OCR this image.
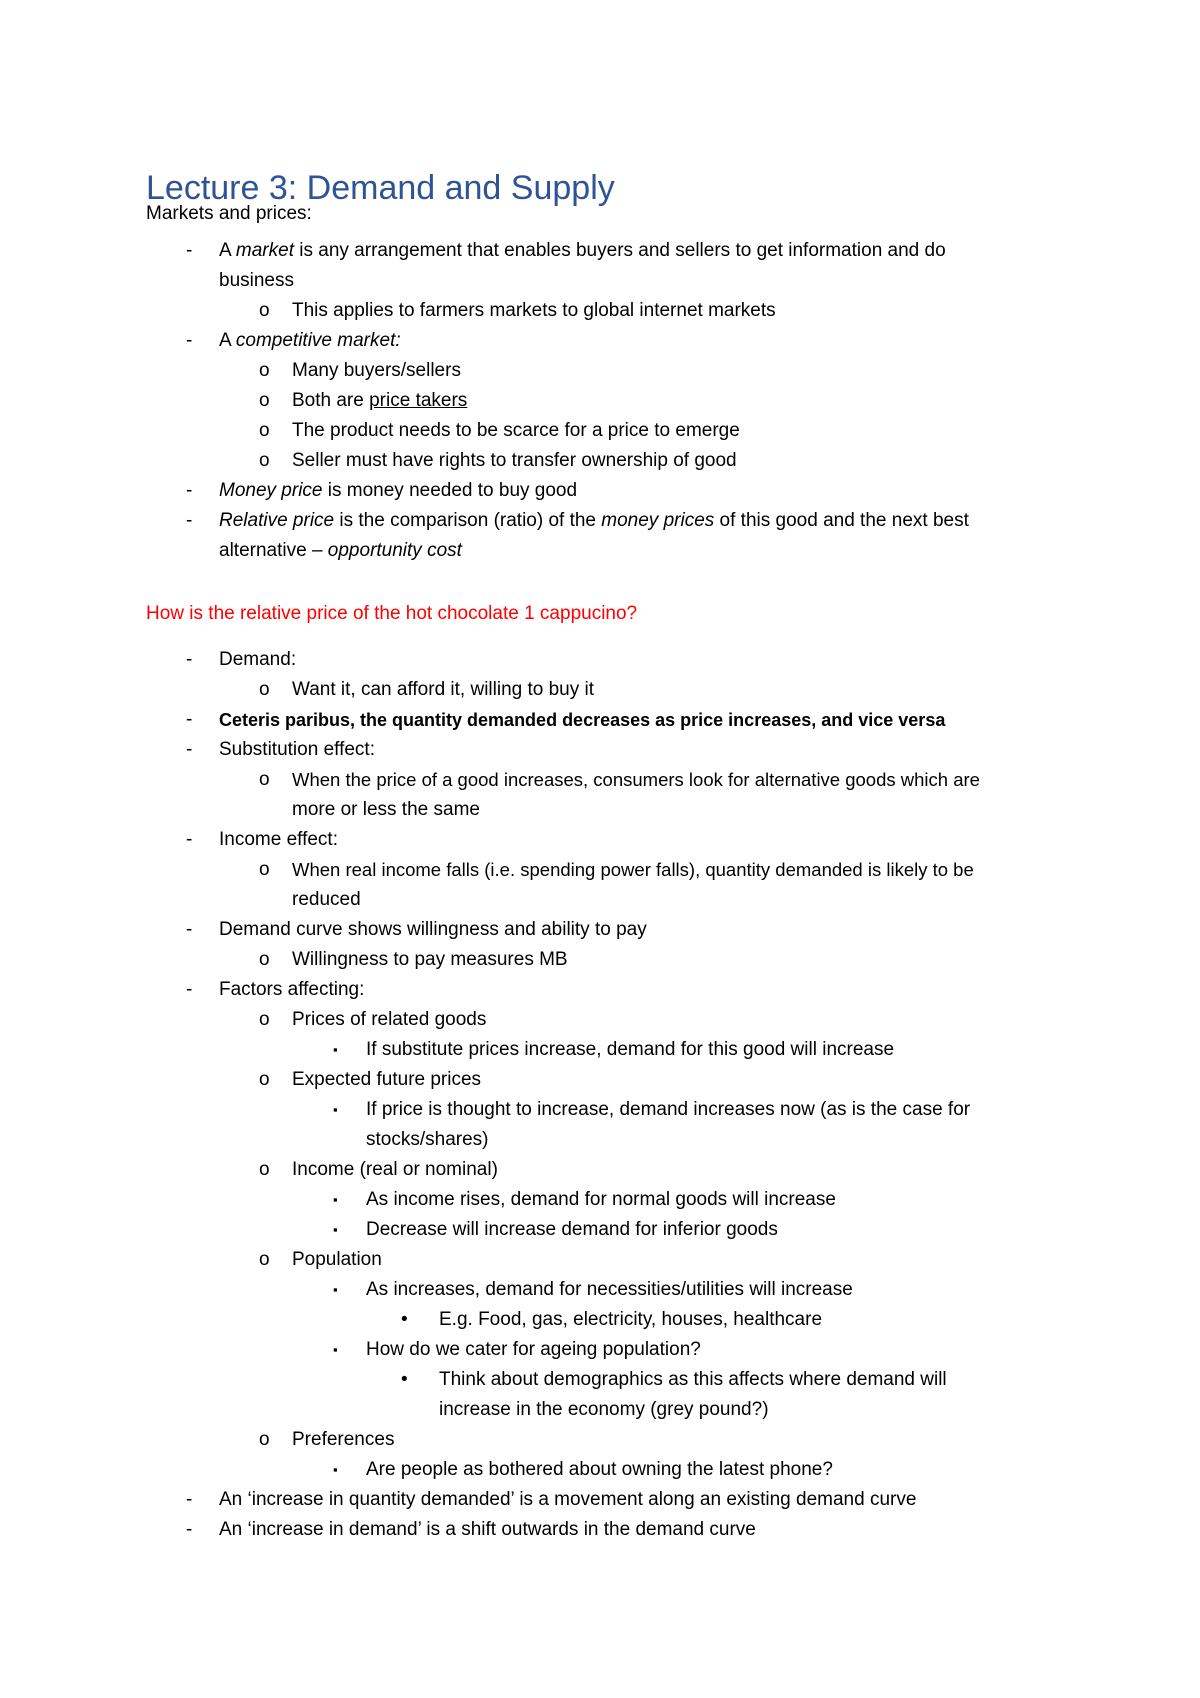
Lecture 3: Demand and Supply
Markets and prices:
-	A market is any arrangement that enables buyers and sellers to get information and do
business
o	This applies to farmers markets to global internet markets
-	A competitive market:
o	Many buyers/sellers
o	Both are price takers
o	The product needs to be scarce for a price to emerge
o	Seller must have rights to transfer ownership of good
-	Money price is money needed to buy good
-	Relative price is the comparison (ratio) of the money prices of this good and the next best
alternative – opportunity cost
How is the relative price of the hot chocolate 1 cappucino?
-	Demand:
o	Want it, can afford it, willing to buy it
-	Ceteris paribus, the quantity demanded decreases as price increases, and vice versa
-	Substitution effect:
o	When the price of a good increases, consumers look for alternative goods which are
more or less the same
-	Income effect:
o	When real income falls (i.e. spending power falls), quantity demanded is likely to be
reduced
-	Demand curve shows willingness and ability to pay
o	Willingness to pay measures MB
-	Factors affecting:
o	Prices of related goods
▪	If substitute prices increase, demand for this good will increase
o	Expected future prices
▪	If price is thought to increase, demand increases now (as is the case for
stocks/shares)
o	Income (real or nominal)
▪	As income rises, demand for normal goods will increase
▪	Decrease will increase demand for inferior goods
o	Population
▪	As increases, demand for necessities/utilities will increase
•	E.g. Food, gas, electricity, houses, healthcare
▪	How do we cater for ageing population?
•	Think about demographics as this affects where demand will
increase in the economy (grey pound?)
o	Preferences
▪	Are people as bothered about owning the latest phone?
-	An ‘increase in quantity demanded’ is a movement along an existing demand curve
-	An ‘increase in demand’ is a shift outwards in the demand curve
